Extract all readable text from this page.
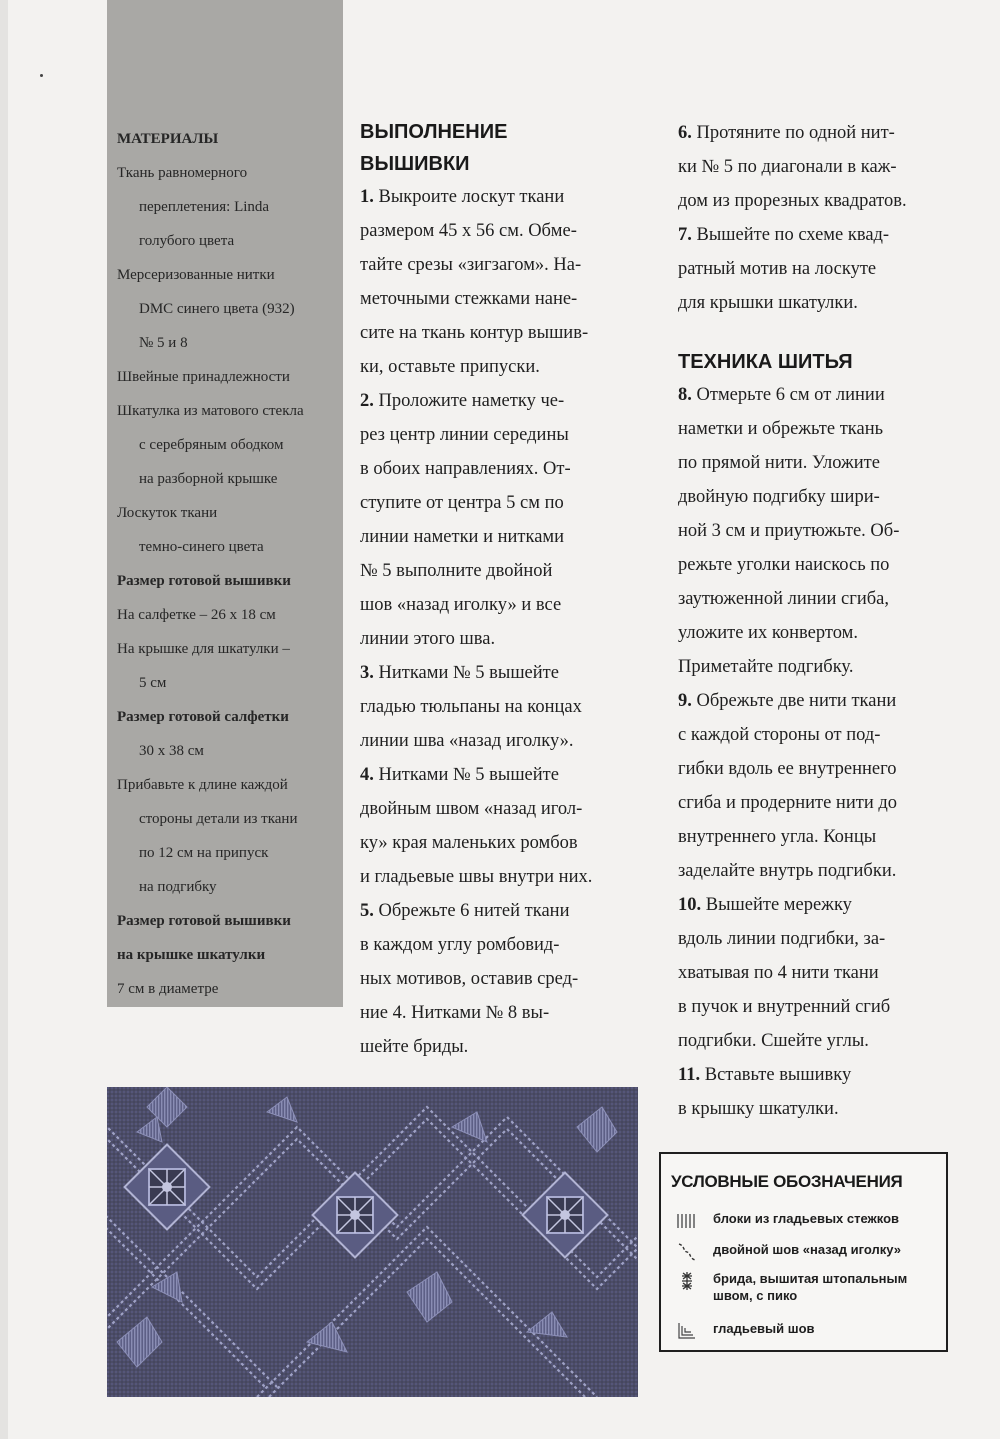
МАТЕРИАЛЫ
Ткань равномерного
переплетения: Linda
голубого цвета
Мерсеризованные нитки
DMC синего цвета (932)
№ 5 и 8
Швейные принадлежности
Шкатулка из матового стекла
с серебряным ободком
на разборной крышке
Лоскуток ткани
темно-синего цвета
Размер готовой вышивки
На салфетке – 26 х 18 см
На крышке для шкатулки –
5 см
Размер готовой салфетки
30 х 38 см
Прибавьте к длине каждой
стороны детали из ткани
по 12 см на припуск
на подгибку
Размер готовой вышивки
на крышке шкатулки
7 см в диаметре
ВЫПОЛНЕНИЕ
ВЫШИВКИ
1. Выкроите лоскут ткани
размером 45 х 56 см. Обме-
тайте срезы «зигзагом». На-
меточными стежками нане-
сите на ткань контур вышив-
ки, оставьте припуски.
2. Проложите наметку че-
рез центр линии середины
в обоих направлениях. От-
ступите от центра 5 см по
линии наметки и нитками
№ 5 выполните двойной
шов «назад иголку» и все
линии этого шва.
3. Нитками № 5 вышейте
гладью тюльпаны на концах
линии шва «назад иголку».
4. Нитками № 5 вышейте
двойным швом «назад игол-
ку» края маленьких ромбов
и гладьевые швы внутри них.
5. Обрежьте 6 нитей ткани
в каждом углу ромбовид-
ных мотивов, оставив сред-
ние 4. Нитками № 8 вы-
шейте бриды.
6. Протяните по одной нит-
ки № 5 по диагонали в каж-
дом из прорезных квадратов.
7. Вышейте по схеме квад-
ратный мотив на лоскуте
для крышки шкатулки.
ТЕХНИКА ШИТЬЯ
8. Отмерьте 6 см от линии
наметки и обрежьте ткань
по прямой нити. Уложите
двойную подгибку шири-
ной 3 см и приутюжьте. Об-
режьте уголки наискось по
заутюженной линии сгиба,
уложите их конвертом.
Приметайте подгибку.
9. Обрежьте две нити ткани
с каждой стороны от под-
гибки вдоль ее внутреннего
сгиба и продерните нити до
внутреннего угла. Концы
заделайте внутрь подгибки.
10. Вышейте мережку
вдоль линии подгибки, за-
хватывая по 4 нити ткани
в пучок и внутренний сгиб
подгибки. Сшейте углы.
11. Вставьте вышивку
в крышку шкатулки.
УСЛОВНЫЕ ОБОЗНАЧЕНИЯ
блоки из гладьевых стежков
двойной шов «назад иголку»
брида, вышитая штопальным швом, с пико
гладьевый шов
